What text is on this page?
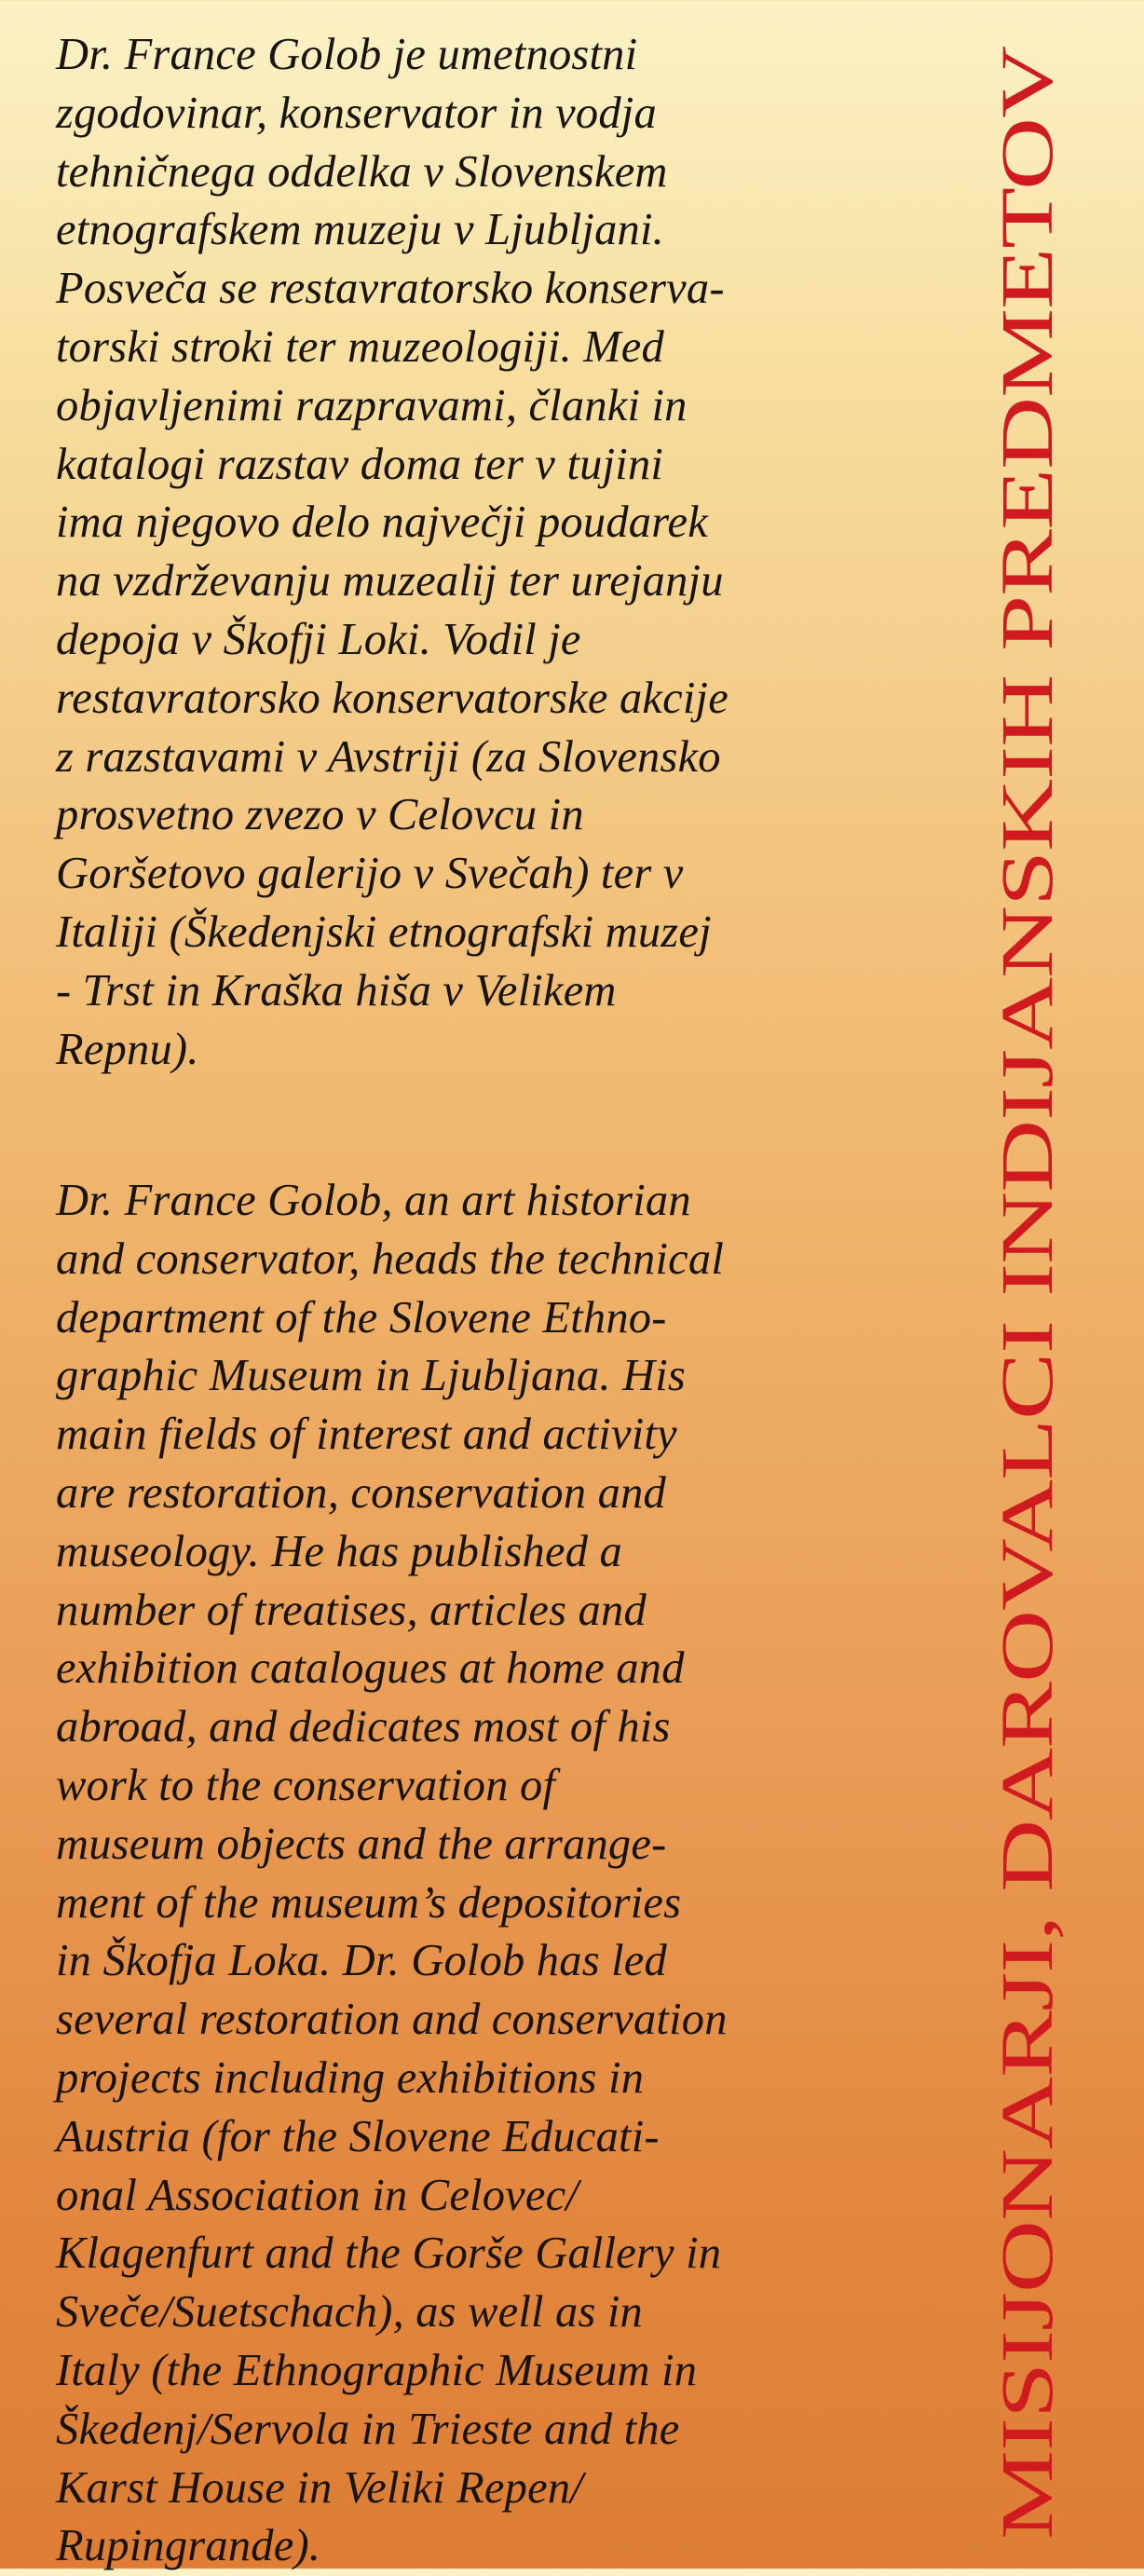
Dr. France Golob je umetnostni
zgodovinar, konservator in vodja
tehničnega oddelka v Slovenskem
etnografskem muzeju v Ljubljani.
Posveča se restavratorsko konserva-
torski stroki ter muzeologiji. Med
objavljenimi razpravami, članki in
katalogi razstav doma ter v tujini
ima njegovo delo največji poudarek
na vzdrževanju muzealij ter urejanju
depoja v Škofji Loki. Vodil je
restavratorsko konservatorske akcije
z razstavami v Avstriji (za Slovensko
prosvetno zvezo v Celovcu in
Goršetovo galerijo v Svečah) ter v
Italiji (Škedenjski etnografski muzej
- Trst in Kraška hiša v Velikem
Repnu).
Dr. France Golob, an art historian
and conservator, heads the technical
department of the Slovene Ethno-
graphic Museum in Ljubljana. His
main fields of interest and activity
are restoration, conservation and
museology. He has published a
number of treatises, articles and
exhibition catalogues at home and
abroad, and dedicates most of his
work to the conservation of
museum objects and the arrange-
ment of the museum’s depositories
in Škofja Loka. Dr. Golob has led
several restoration and conservation
projects including exhibitions in
Austria (for the Slovene Educati-
onal Association in Celovec/
Klagenfurt and the Gorše Gallery in
Sveče/Suetschach), as well as in
Italy (the Ethnographic Museum in
Škedenj/Servola in Trieste and the
Karst House in Veliki Repen/
Rupingrande).
MISIJONARJI, DAROVALCI INDIJANSKIH PREDMETOV
